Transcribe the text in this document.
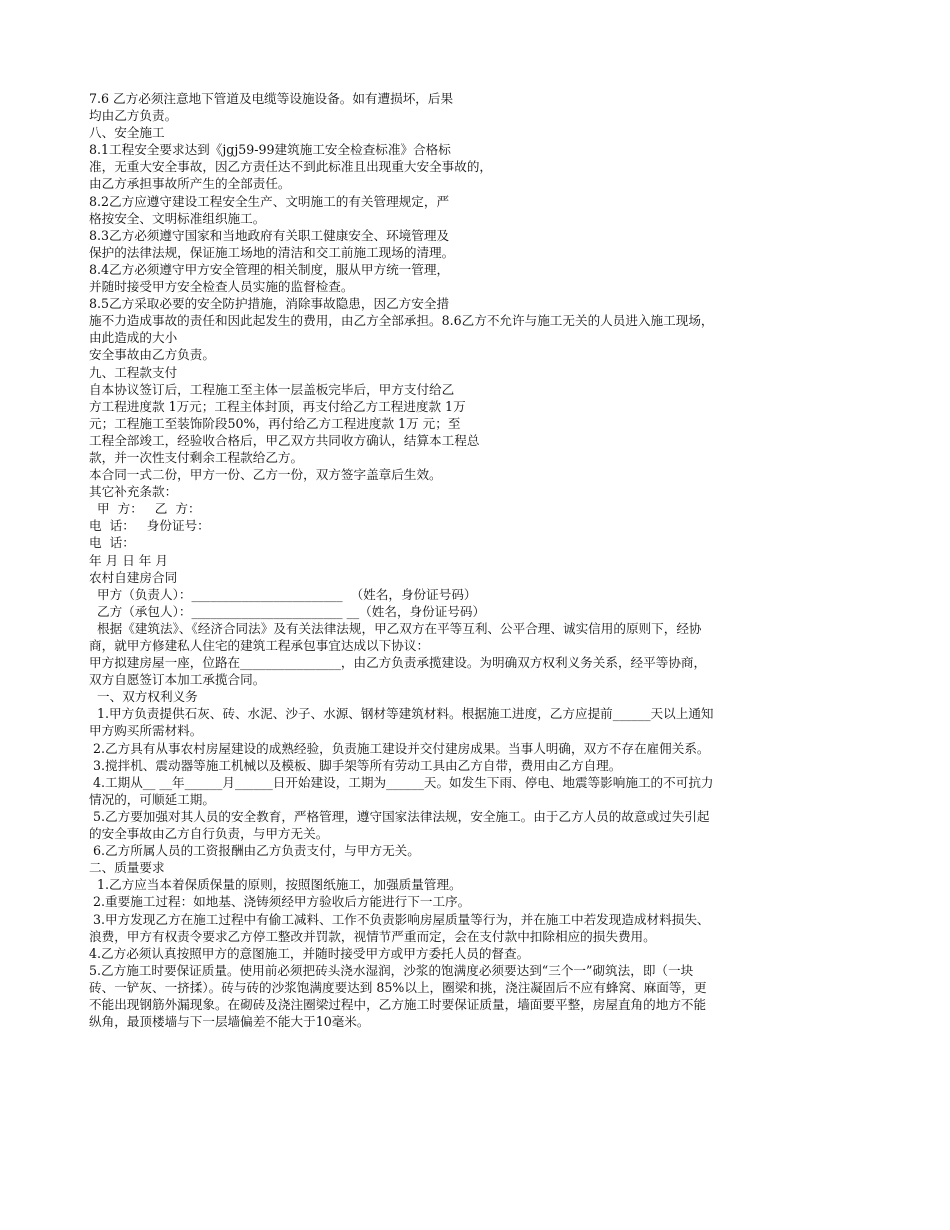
7.6 乙方必须注意地下管道及电缆等设施设备。如有遭损坏，后果
均由乙方负责。
八、安全施工
8.1工程安全要求达到《jgj59-99建筑施工安全检查标准》合格标
准，无重大安全事故，因乙方责任达不到此标准且出现重大安全事故的，
由乙方承担事故所产生的全部责任。
8.2乙方应遵守建设工程安全生产、文明施工的有关管理规定，严
格按安全、文明标准组织施工。
8.3乙方必须遵守国家和当地政府有关职工健康安全、环境管理及
保护的法律法规，保证施工场地的清洁和交工前施工现场的清理。
8.4乙方必须遵守甲方安全管理的相关制度，服从甲方统一管理，
并随时接受甲方安全检查人员实施的监督检查。
8.5乙方采取必要的安全防护措施，消除事故隐患，因乙方安全措
施不力造成事故的责任和因此起发生的费用，由乙方全部承担。8.6乙方不允许与施工无关的人员进入施工现场，
由此造成的大小
安全事故由乙方负责。
九、工程款支付
自本协议签订后，工程施工至主体一层盖板完毕后，甲方支付给乙
方工程进度款 1万元；工程主体封顶，再支付给乙方工程进度款 1万
元；工程施工至装饰阶段50%，再付给乙方工程进度款 1万 元；至
工程全部竣工，经验收合格后，甲乙双方共同收方确认，结算本工程总
款，并一次性支付剩余工程款给乙方。
本合同一式二份，甲方一份、乙方一份，双方签字盖章后生效。
其它补充条款：
甲  方：   乙  方：
电  话：   身份证号：
电  话：
年 月 日 年 月
农村自建房合同
甲方（负责人）：________________________  （姓名，身份证号码）
乙方（承包人）：________________________ __（姓名，身份证号码）
根据《建筑法》、《经济合同法》及有关法律法规，甲乙双方在平等互利、公平合理、诚实信用的原则下，经协
商，就甲方修建私人住宅的建筑工程承包事宜达成以下协议：
甲方拟建房屋一座，位路在________________，由乙方负责承揽建设。为明确双方权利义务关系，经平等协商，
双方自愿签订本加工承揽合同。
一、双方权利义务
1.甲方负责提供石灰、砖、水泥、沙子、水源、钢材等建筑材料。根据施工进度，乙方应提前______天以上通知
甲方购买所需材料。
2.乙方具有从事农村房屋建设的成熟经验，负责施工建设并交付建房成果。当事人明确，双方不存在雇佣关系。
3.搅拌机、震动器等施工机械以及模板、脚手架等所有劳动工具由乙方自带，费用由乙方自理。
4.工期从__ __年______月______日开始建设，工期为______天。如发生下雨、停电、地震等影响施工的不可抗力
情况的，可顺延工期。
5.乙方要加强对其人员的安全教育，严格管理，遵守国家法律法规，安全施工。由于乙方人员的故意或过失引起
的安全事故由乙方自行负责，与甲方无关。
6.乙方所属人员的工资报酬由乙方负责支付，与甲方无关。
二、质量要求
1.乙方应当本着保质保量的原则，按照图纸施工，加强质量管理。
2.重要施工过程：如地基、浇铸须经甲方验收后方能进行下一工序。
3.甲方发现乙方在施工过程中有偷工减料、工作不负责影响房屋质量等行为，并在施工中若发现造成材料损失、
浪费，甲方有权责令要求乙方停工整改并罚款，视情节严重而定，会在支付款中扣除相应的损失费用。
4.乙方必须认真按照甲方的意图施工，并随时接受甲方或甲方委托人员的督查。
5.乙方施工时要保证质量。使用前必须把砖头浇水湿润，沙浆的饱满度必须要达到“三个一”砌筑法，即（一块
砖、一铲灰、一挤揉）。砖与砖的沙浆饱满度要达到 85%以上，圈梁和挑，浇注凝固后不应有蜂窝、麻面等，更
不能出现钢筋外漏现象。在砌砖及浇注圈梁过程中，乙方施工时要保证质量，墙面要平整，房屋直角的地方不能
纵角，最顶楼墙与下一层墙偏差不能大于10毫米。
